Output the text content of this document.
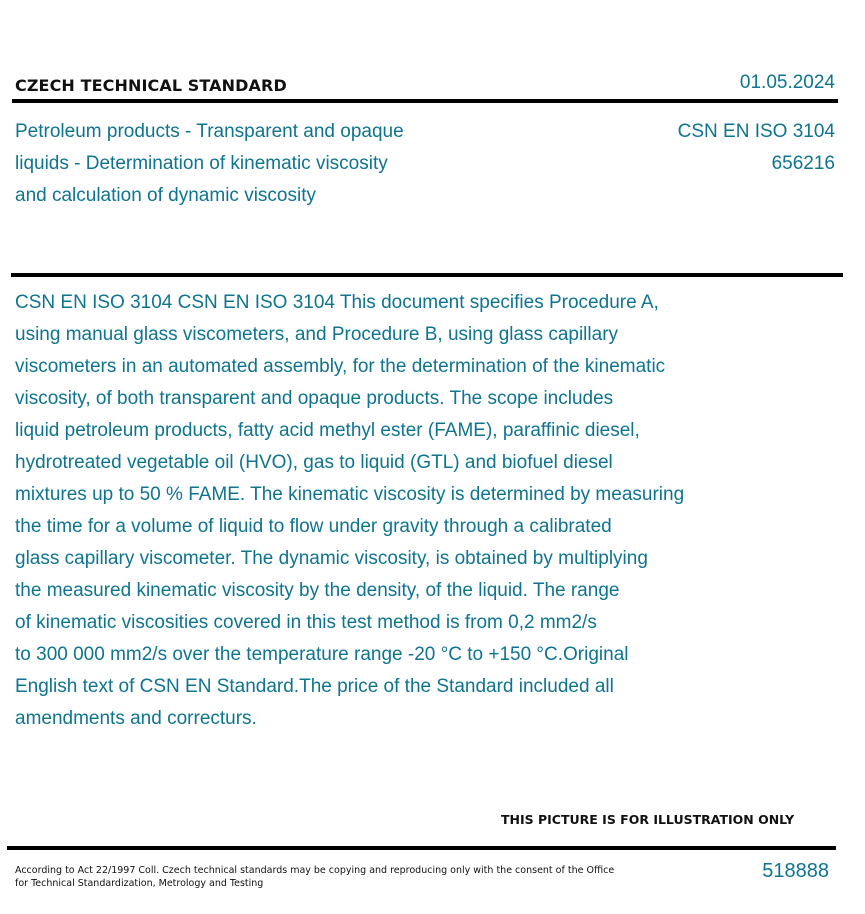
CZECH TECHNICAL STANDARD	01.05.2024
Petroleum products - Transparent and opaque
liquids - Determination of kinematic viscosity
and calculation of dynamic viscosity
CSN EN ISO 3104
656216
CSN EN ISO 3104 CSN EN ISO 3104 This document specifies Procedure A,
using manual glass viscometers, and Procedure B, using glass capillary
viscometers in an automated assembly, for the determination of the kinematic
viscosity, of both transparent and opaque products. The scope includes
liquid petroleum products, fatty acid methyl ester (FAME), paraffinic diesel,
hydrotreated vegetable oil (HVO), gas to liquid (GTL) and biofuel diesel
mixtures up to 50 % FAME. The kinematic viscosity is determined by measuring
the time for a volume of liquid to flow under gravity through a calibrated
glass capillary viscometer. The dynamic viscosity, is obtained by multiplying
the measured kinematic viscosity by the density, of the liquid. The range
of kinematic viscosities covered in this test method is from 0,2 mm2/s
to 300 000 mm2/s over the temperature range -20 °C to +150 °C.Original
English text of CSN EN Standard.The price of the Standard included all
amendments and correcturs.
THIS PICTURE IS FOR ILLUSTRATION ONLY
According to Act 22/1997 Coll. Czech technical standards may be copying and reproducing only with the consent of the Office
for Technical Standardization, Metrology and Testing
518888
